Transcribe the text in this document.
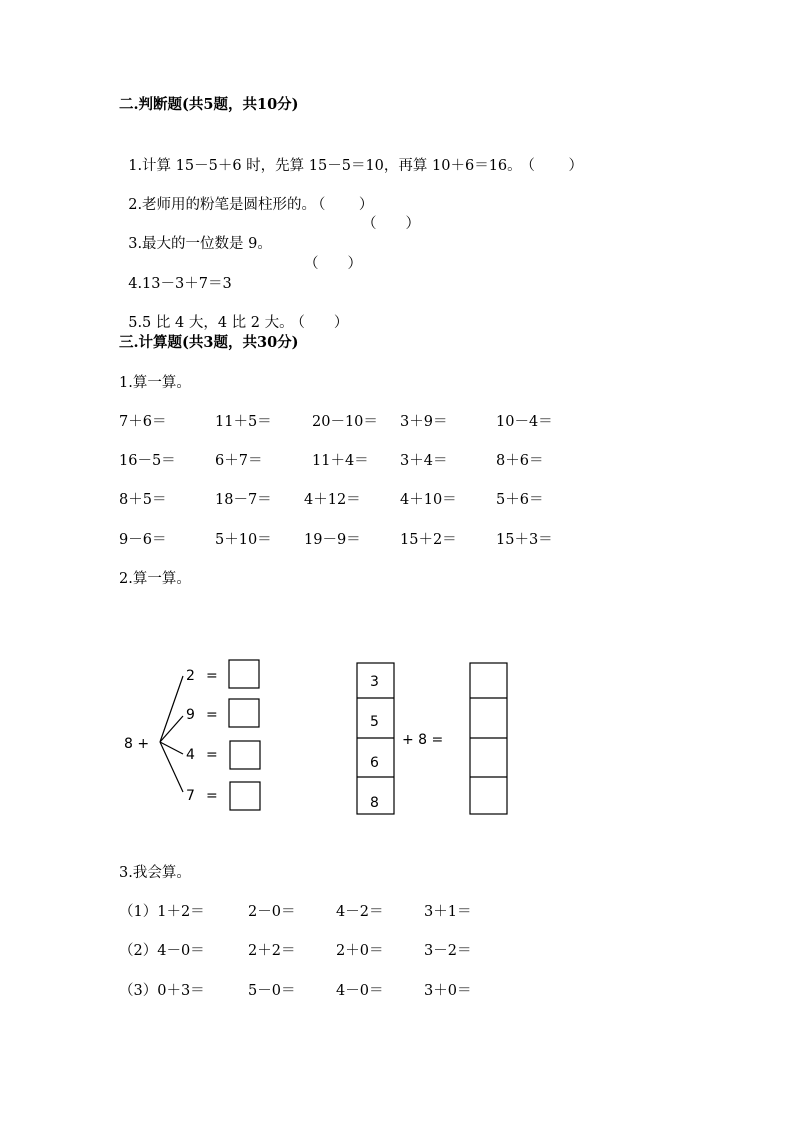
二.判断题(共5题，共10分)

1.计算 15－5＋6 时，先算 15－5＝10，再算 10＋6＝16。 （　　 ）

2.老师用的粉笔是圆柱形的。 （　　 ）

3.最大的一位数是 9。

（　　）

4.13－3＋7＝3

（　　）

5.5 比 4 大，4 比 2 大。 （　　）

三.计算题(共3题，共30分)
1.算一算。
7＋6＝	11＋5＝	20－10＝ 3＋9＝	10－4＝
16－5＝	6＋7＝	11＋4＝ 3＋4＝	8＋6＝
8＋5＝	18－7＝ 4＋12＝	4＋10＝	5＋6＝
9－6＝	5＋10＝ 19－9＝	15＋2＝	15＋3＝
2.算一算。
8 +
2 =
9 =
4 =
7 =
3
5
6
8
+ 8 =
3.我会算。
（1）1＋2＝	2－0＝	4－2＝	3＋1＝
（2）4－0＝	2＋2＝	2＋0＝	3－2＝
（3）0＋3＝	5－0＝	4－0＝	3＋0＝
